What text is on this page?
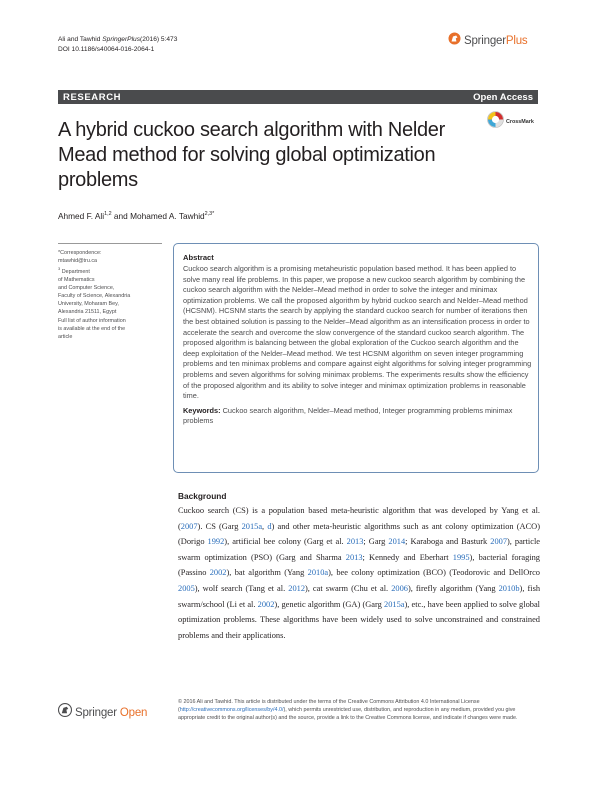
Ali and Tawhid SpringerPlus(2016) 5:473
DOI 10.1186/s40064-016-2064-1
SpringerPlus
RESEARCH	Open Access
CrossMark
A hybrid cuckoo search algorithm with Nelder Mead method for solving global optimization problems
Ahmed F. Ali$^{1,2}$ and Mohamed A. Tawhid$^{2,3*}$
*Correspondence:
mtawhid@tru.ca
$^3$ Department
of Mathematics
and Computer Science,
Faculty of Science, Alexandria
University, Moharam Bey,
Alexandria 21511, Egypt
Full list of author information
is available at the end of the
article
Abstract
Cuckoo search algorithm is a promising metaheuristic population based method. It has been applied to solve many real life problems. In this paper, we propose a new cuckoo search algorithm by combining the cuckoo search algorithm with the Nelder–Mead method in order to solve the integer and minimax optimization problems. We call the proposed algorithm by hybrid cuckoo search and Nelder–Mead method (HCSNM). HCSNM starts the search by applying the standard cuckoo search for number of iterations then the best obtained solution is passing to the Nelder–Mead algorithm as an intensification process in order to accelerate the search and overcome the slow convergence of the standard cuckoo search algorithm. The proposed algorithm is balancing between the global exploration of the Cuckoo search algorithm and the deep exploitation of the Nelder–Mead method. We test HCSNM algorithm on seven integer programming problems and ten minimax problems and compare against eight algorithms for solving integer programming problems and seven algorithms for solving minimax problems. The experiments results show the efficiency of the proposed algorithm and its ability to solve integer and minimax optimization problems in reasonable time.
Keywords: Cuckoo search algorithm, Nelder–Mead method, Integer programming problems minimax problems
Background
Cuckoo search (CS) is a population based meta-heuristic algorithm that was developed by Yang et al. (2007). CS (Garg 2015a, d) and other meta-heuristic algorithms such as ant colony optimization (ACO) (Dorigo 1992), artificial bee colony (Garg et al. 2013; Garg 2014; Karaboga and Basturk 2007), particle swarm optimization (PSO) (Garg and Sharma 2013; Kennedy and Eberhart 1995), bacterial foraging (Passino 2002), bat algorithm (Yang 2010a), bee colony optimization (BCO) (Teodorovic and DellOrco 2005), wolf search (Tang et al. 2012), cat swarm (Chu et al. 2006), firefly algorithm (Yang 2010b), fish swarm/school (Li et al. 2002), genetic algorithm (GA) (Garg 2015a), etc., have been applied to solve global optimization problems. These algorithms have been widely used to solve unconstrained and constrained problems and their applications.
Springer Open
© 2016 Ali and Tawhid. This article is distributed under the terms of the Creative Commons Attribution 4.0 International License (http://creativecommons.org/licenses/by/4.0/), which permits unrestricted use, distribution, and reproduction in any medium, provided you give appropriate credit to the original author(s) and the source, provide a link to the Creative Commons license, and indicate if changes were made.
